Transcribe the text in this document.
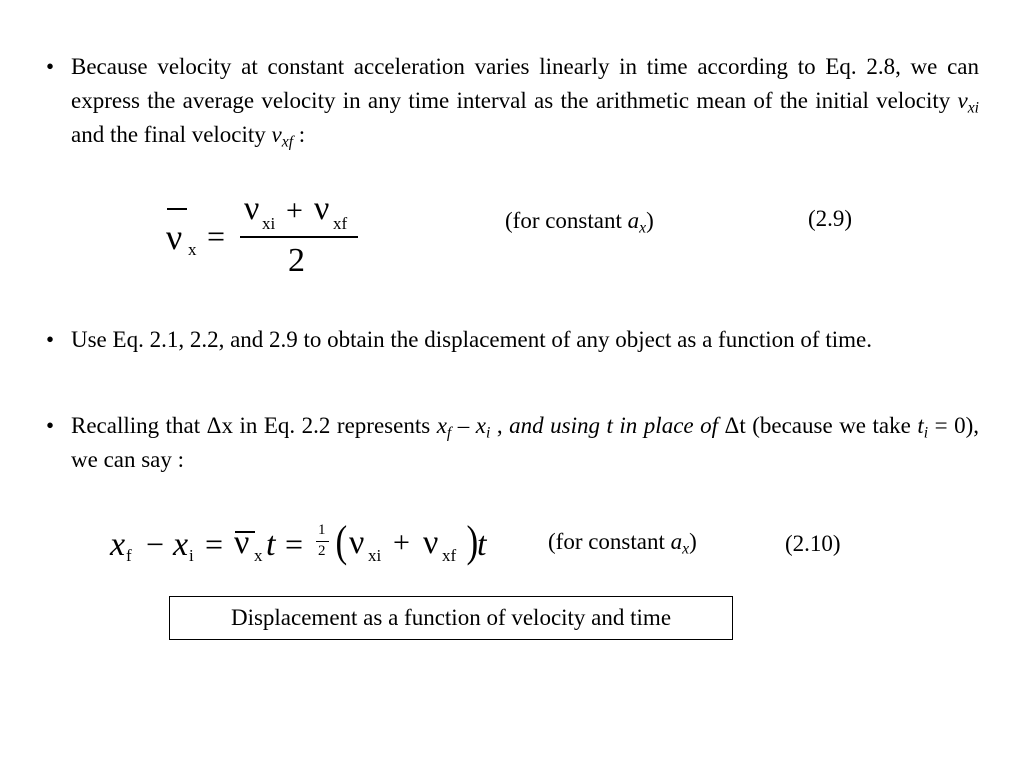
• Because velocity at constant acceleration varies linearly in time according to Eq. 2.8, we can express the average velocity in any time interval as the arithmetic mean of the initial velocity $v_{xi}$ and the final velocity $v_{xf}$ :
ν x =
ν xi + ν xf
2
(for constant $a_x$)	(2.9)
• Use Eq. 2.1, 2.2, and 2.9 to obtain the displacement of any object as a function of time.
• Recalling that Δx in Eq. 2.2 represents $x_f - x_i$ , and using t in place of Δt (because we take $t_i = 0$), we can say :
x f − x i = ν x t = 1
2 ( ν xi + ν xf )
t	(for constant $a_x$)	(2.10)
Displacement as a function of velocity and time
